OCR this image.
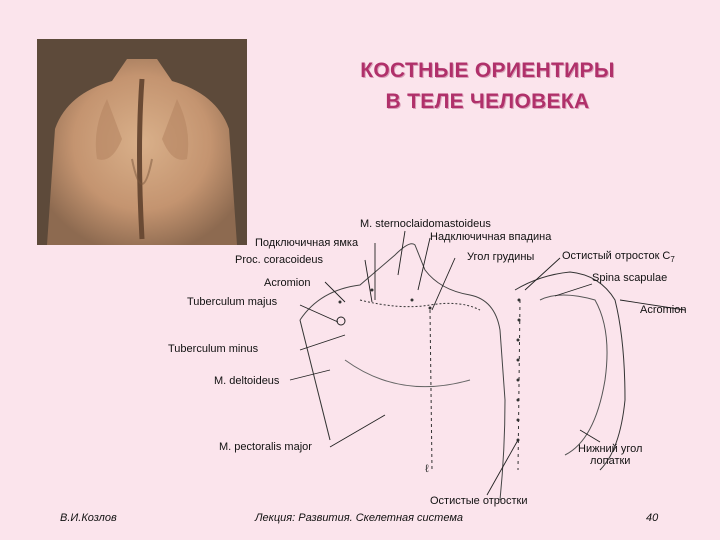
КОСТНЫЕ ОРИЕНТИРЫ
В ТЕЛЕ ЧЕЛОВЕКА
ℓ
M. sternoclaidomastoideus
Надключичная впадина
Подключичная ямка
Proc. coracoideus	Угол грудины	Остистый отросток $C_7$
Acromion	Spina scapulae
Tuberculum majus
Acromion
Tuberculum minus
M. deltoideus
M. pectoralis major	Нижний угол
лопатки
Остистые отростки
В.И.Козлов	Лекция: Развития. Скелетная система	40
